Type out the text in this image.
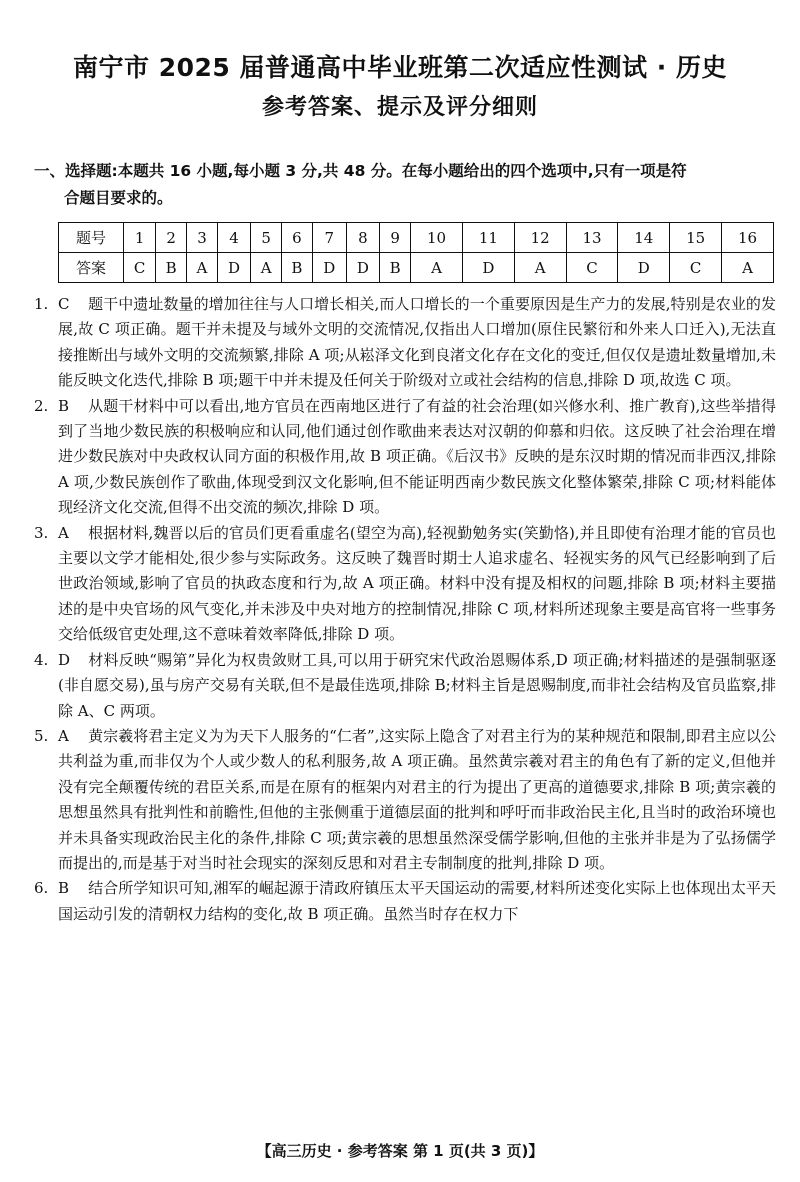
南宁市 2025 届普通高中毕业班第二次适应性测试 · 历史
参考答案、提示及评分细则
一、选择题:本题共 16 小题,每小题 3 分,共 48 分。在每小题给出的四个选项中,只有一项是符
合题目要求的。
题号	1	2	3	4	5	6	7	8	9	10	11	12	13	14	15	16
答案	C	B	A	D	A	B	D	D	B	A	D	A	C	D	C	A

1. C 题干中遗址数量的增加往往与人口增长相关,而人口增长的一个重要原因是生产力的发展,特别是农业的发展,故 C 项正确。题干并未提及与域外文明的交流情况,仅指出人口增加(原住民繁衍和外来人口迁入),无法直接推断出与域外文明的交流频繁,排除 A 项;从崧泽文化到良渚文化存在文化的变迁,但仅仅是遗址数量增加,未能反映文化迭代,排除 B 项;题干中并未提及任何关于阶级对立或社会结构的信息,排除 D 项,故选 C 项。

2. B 从题干材料中可以看出,地方官员在西南地区进行了有益的社会治理(如兴修水利、推广教育),这些举措得到了当地少数民族的积极响应和认同,他们通过创作歌曲来表达对汉朝的仰慕和归依。这反映了社会治理在增进少数民族对中央政权认同方面的积极作用,故 B 项正确。《后汉书》反映的是东汉时期的情况而非西汉,排除 A 项,少数民族创作了歌曲,体现受到汉文化影响,但不能证明西南少数民族文化整体繁荣,排除 C 项;材料能体现经济文化交流,但得不出交流的频次,排除 D 项。

3. A 根据材料,魏晋以后的官员们更看重虚名(望空为高),轻视勤勉务实(笑勤恪),并且即使有治理才能的官员也主要以文学才能相处,很少参与实际政务。这反映了魏晋时期士人追求虚名、轻视实务的风气已经影响到了后世政治领域,影响了官员的执政态度和行为,故 A 项正确。材料中没有提及相权的问题,排除 B 项;材料主要描述的是中央官场的风气变化,并未涉及中央对地方的控制情况,排除 C 项,材料所述现象主要是高官将一些事务交给低级官吏处理,这不意味着效率降低,排除 D 项。

4. D 材料反映“赐第”异化为权贵敛财工具,可以用于研究宋代政治恩赐体系,D 项正确;材料描述的是强制驱逐(非自愿交易),虽与房产交易有关联,但不是最佳选项,排除 B;材料主旨是恩赐制度,而非社会结构及官员监察,排除 A、C 两项。

5. A 黄宗羲将君主定义为为天下人服务的“仁者”,这实际上隐含了对君主行为的某种规范和限制,即君主应以公共利益为重,而非仅为个人或少数人的私利服务,故 A 项正确。虽然黄宗羲对君主的角色有了新的定义,但他并没有完全颠覆传统的君臣关系,而是在原有的框架内对君主的行为提出了更高的道德要求,排除 B 项;黄宗羲的思想虽然具有批判性和前瞻性,但他的主张侧重于道德层面的批判和呼吁而非政治民主化,且当时的政治环境也并未具备实现政治民主化的条件,排除 C 项;黄宗羲的思想虽然深受儒学影响,但他的主张并非是为了弘扬儒学而提出的,而是基于对当时社会现实的深刻反思和对君主专制制度的批判,排除 D 项。

6. B 结合所学知识可知,湘军的崛起源于清政府镇压太平天国运动的需要,材料所述变化实际上也体现出太平天国运动引发的清朝权力结构的变化,故 B 项正确。虽然当时存在权力下

【高三历史 · 参考答案 第 1 页(共 3 页)】
